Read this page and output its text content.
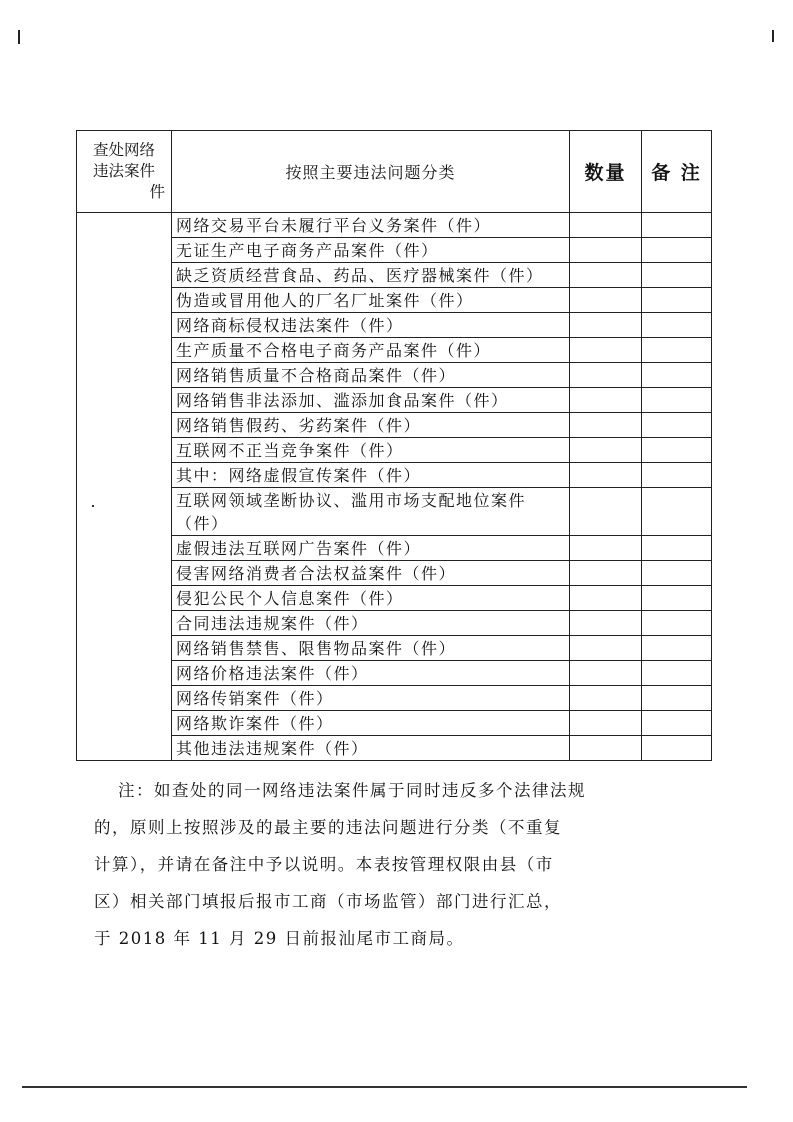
查处网络
违法案件
件	按照主要违法问题分类	数量	备 注
	网络交易平台未履行平台义务案件（件）		
	无证生产电子商务产品案件（件）		
	缺乏资质经营食品、药品、医疗器械案件（件）		
	伪造或冒用他人的厂名厂址案件（件）		
	网络商标侵权违法案件（件）		
	生产质量不合格电子商务产品案件（件）		
	网络销售质量不合格商品案件（件）		
	网络销售非法添加、滥添加食品案件（件）		
	网络销售假药、劣药案件（件）		
	互联网不正当竞争案件（件）		
	其中：网络虚假宣传案件（件）		
	互联网领域垄断协议、滥用市场支配地位案件（件）		
	虚假违法互联网广告案件（件）		
	侵害网络消费者合法权益案件（件）		
	侵犯公民个人信息案件（件）		
	合同违法违规案件（件）		
	网络销售禁售、限售物品案件（件）		
	网络价格违法案件（件）		
	网络传销案件（件）		
	网络欺诈案件（件）		
	其他违法违规案件（件）		

注：如查处的同一网络违法案件属于同时违反多个法律法规

的，原则上按照涉及的最主要的违法问题进行分类（不重复

计算），并请在备注中予以说明。本表按管理权限由县（市

区）相关部门填报后报市工商（市场监管）部门进行汇总，

于 2018 年 11 月 29 日前报汕尾市工商局。
